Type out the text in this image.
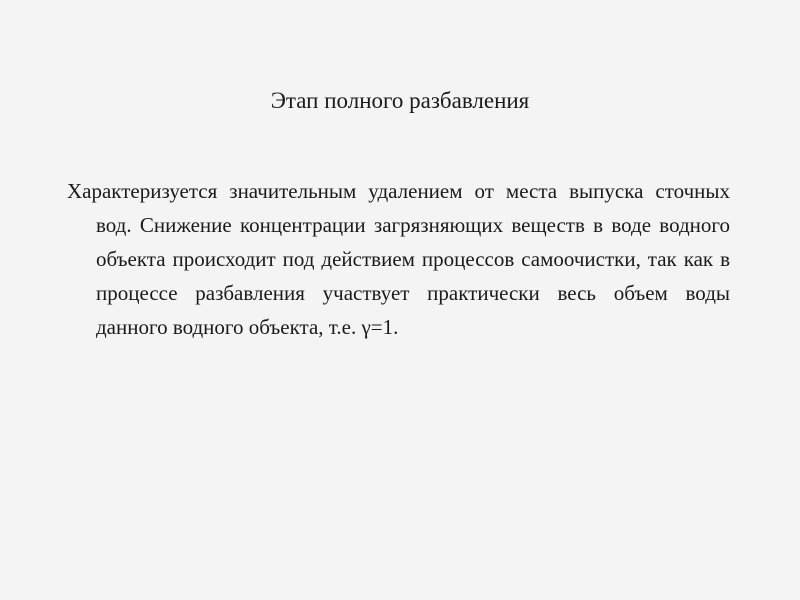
Этап полного разбавления

Характеризуется значительным удалением от места выпуска сточных вод. Снижение концентрации загрязняющих веществ в воде водного объекта происходит под действием процессов самоочистки, так как в процессе разбавления участвует практически весь объем воды данного водного объекта, т.е. γ=1.
